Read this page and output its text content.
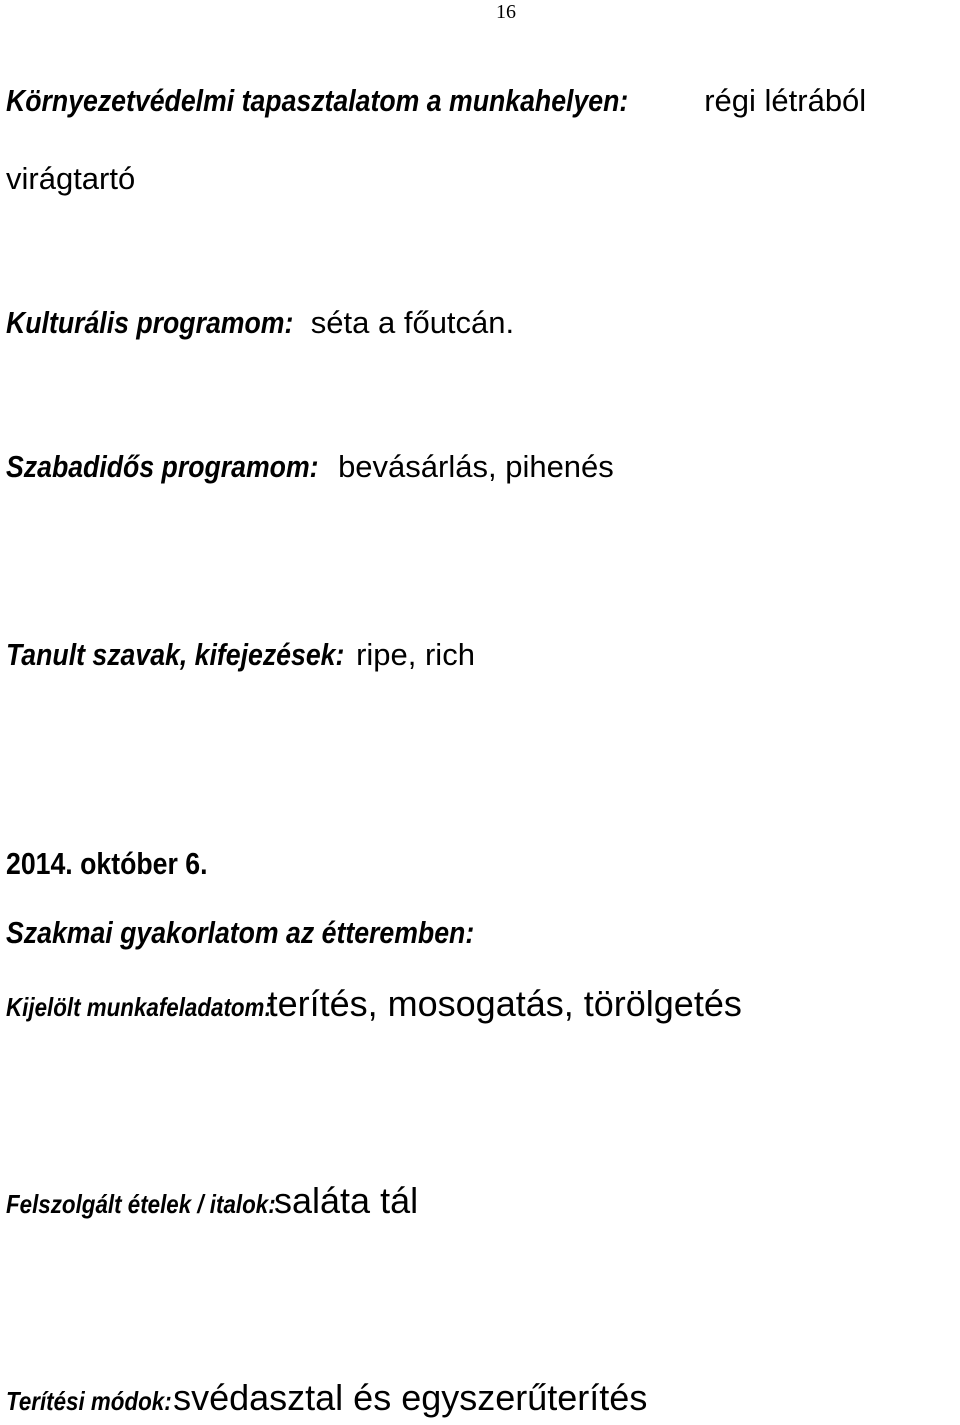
16
Környezetvédelmi tapasztalatom a munkahelyen: régi létrából
virágtartó
Kulturális programom: séta a főutcán.
Szabadidős programom: bevásárlás, pihenés
Tanult szavak, kifejezések: ripe, rich
2014. október 6.
Szakmai gyakorlatom az étteremben:
Kijelölt munkafeladatom: terítés, mosogatás, törölgetés
Felszolgált ételek / italok: saláta tál
Terítési módok: svédasztal és egyszerűterítés
